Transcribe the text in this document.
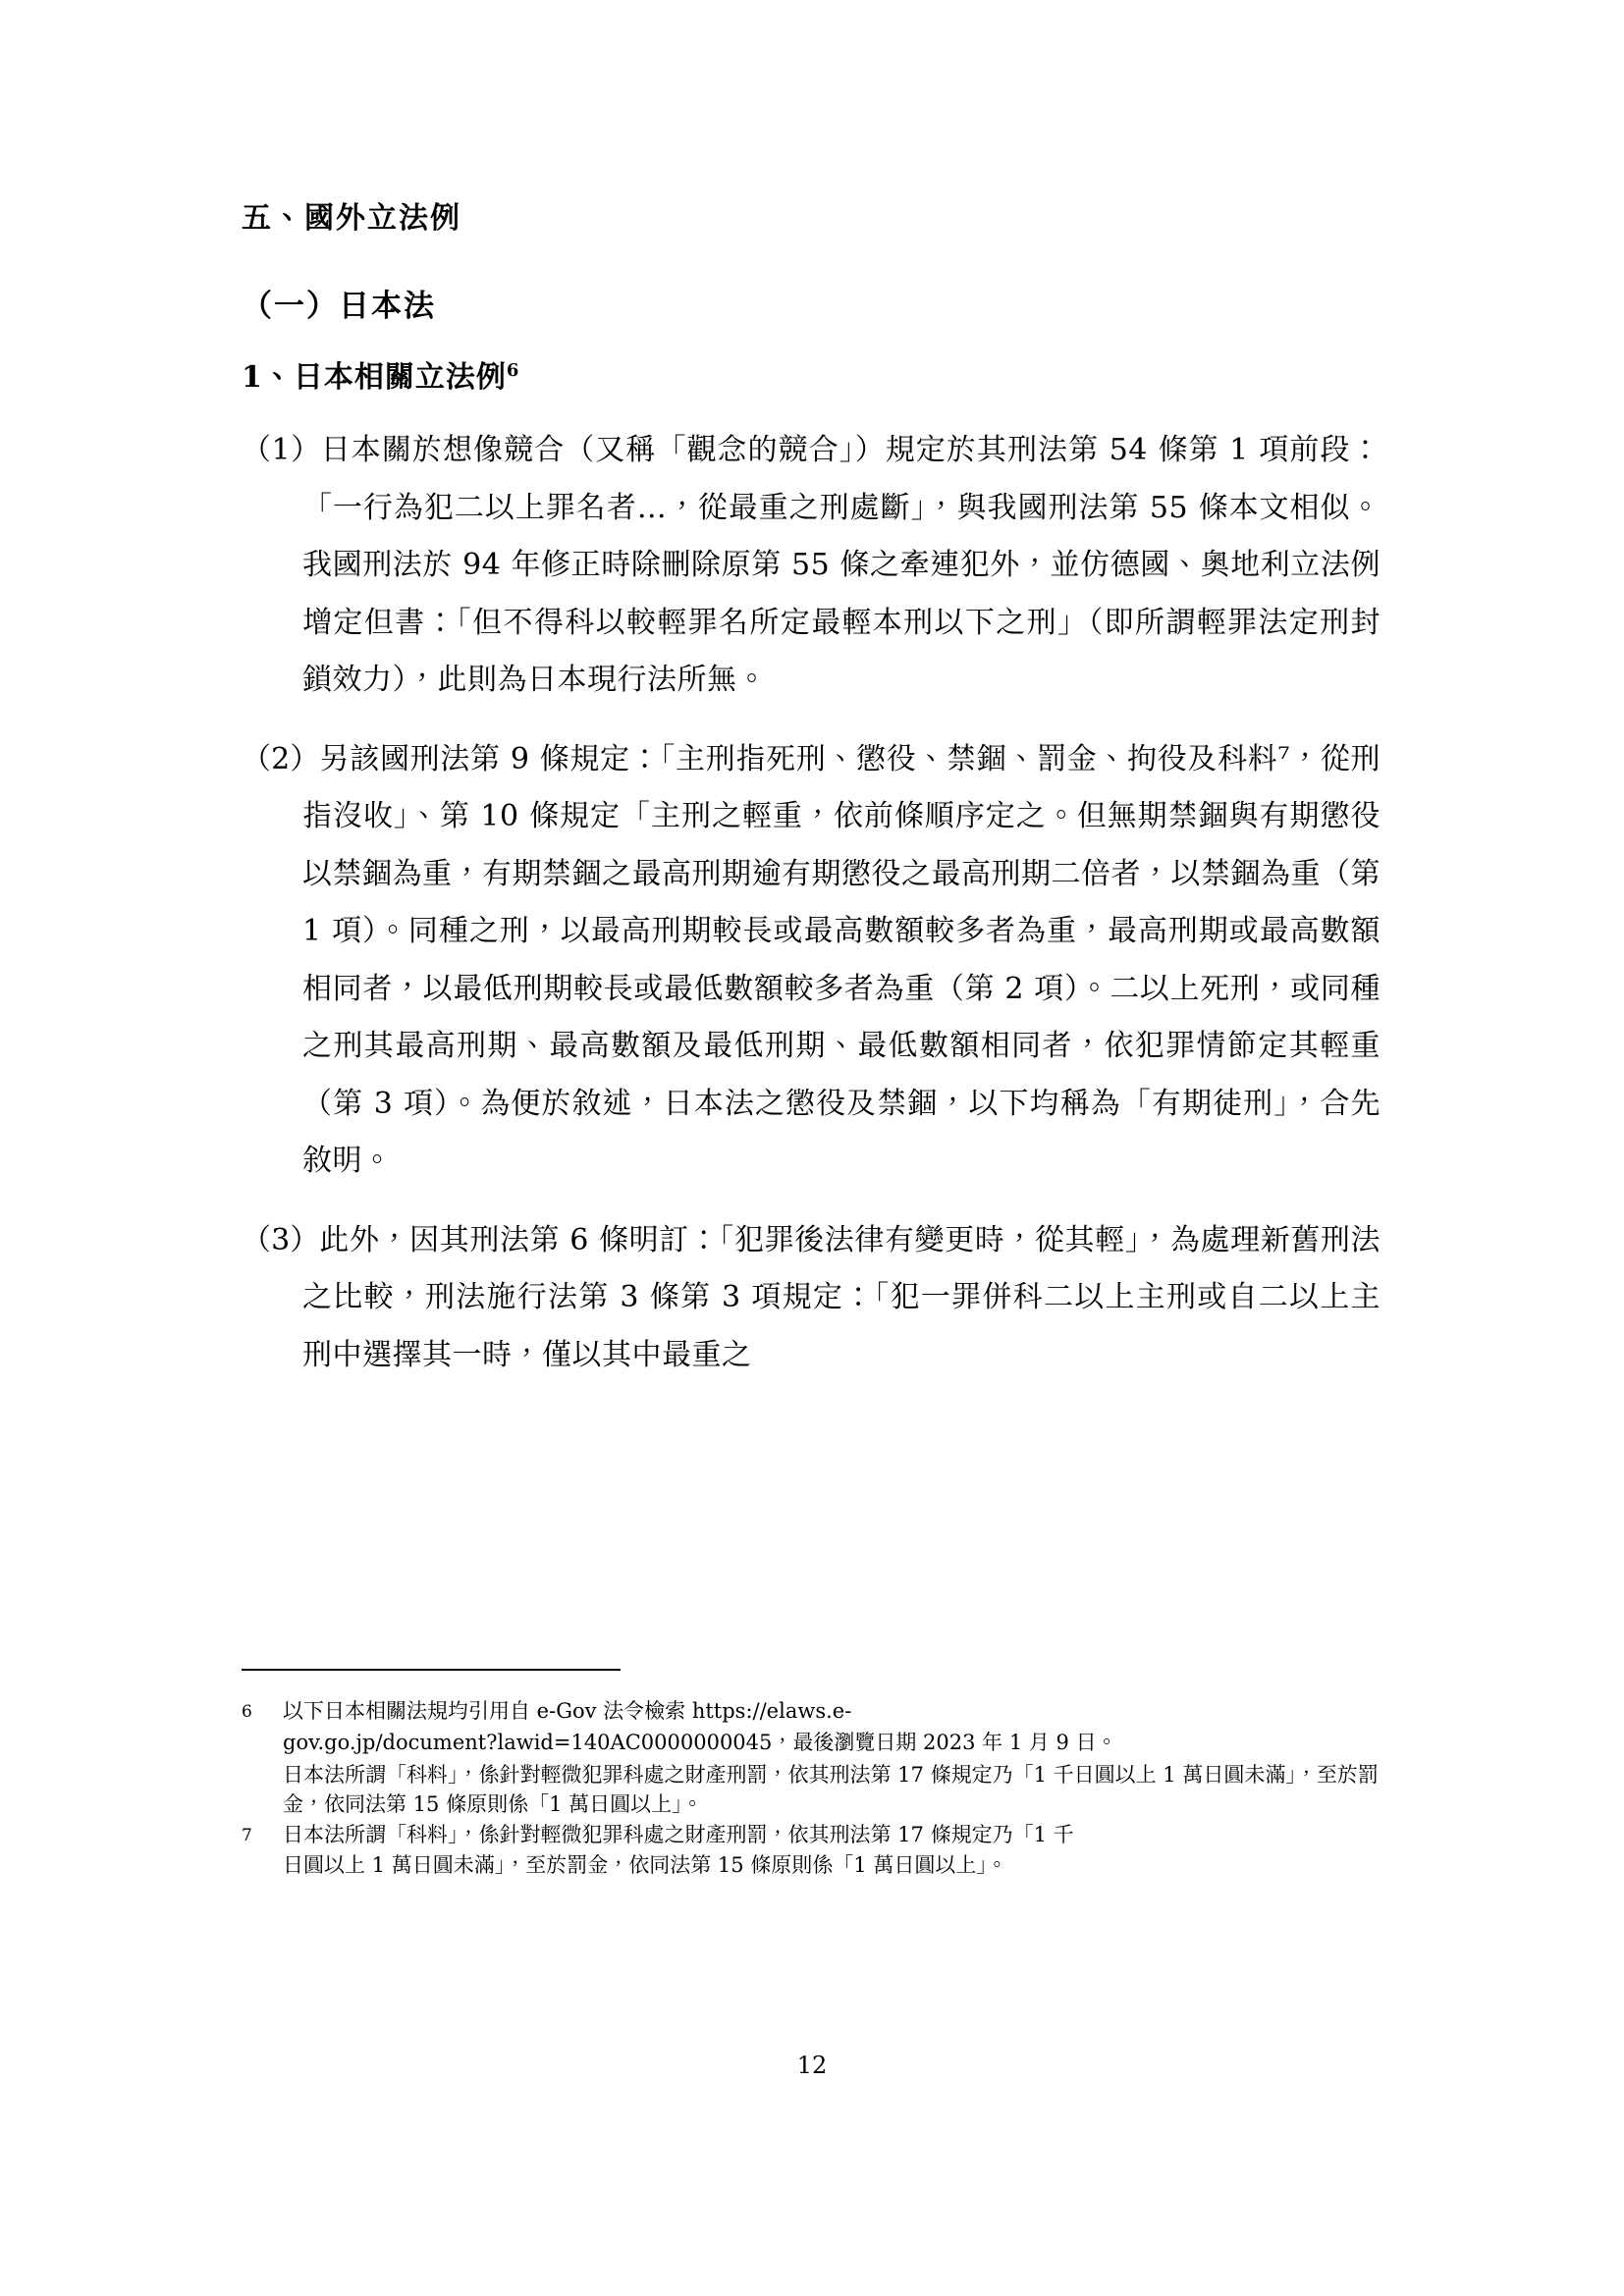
五、國外立法例
（一）日本法
1、日本相關立法例$^6$

（1）日本關於想像競合（又稱「觀念的競合」）規定於其刑法第 54 條第 1 項前段：「一行為犯二以上罪名者…，從最重之刑處斷」，與我國刑法第 55 條本文相似。我國刑法於 94 年修正時除刪除原第 55 條之牽連犯外，並仿德國、奧地利立法例增定但書：「但不得科以較輕罪名所定最輕本刑以下之刑」（即所謂輕罪法定刑封鎖效力），此則為日本現行法所無。

（2）另該國刑法第 9 條規定：「主刑指死刑、懲役、禁錮、罰金、拘役及科料⁷，從刑指沒收」、第 10 條規定「主刑之輕重，依前條順序定之。但無期禁錮與有期懲役以禁錮為重，有期禁錮之最高刑期逾有期懲役之最高刑期二倍者，以禁錮為重（第 1 項）。同種之刑，以最高刑期較長或最高數額較多者為重，最高刑期或最高數額相同者，以最低刑期較長或最低數額較多者為重（第 2 項）。二以上死刑，或同種之刑其最高刑期、最高數額及最低刑期、最低數額相同者，依犯罪情節定其輕重（第 3 項）。為便於敘述，日本法之懲役及禁錮，以下均稱為「有期徒刑」，合先敘明。

（3）此外，因其刑法第 6 條明訂：「犯罪後法律有變更時，從其輕」，為處理新舊刑法之比較，刑法施行法第 3 條第 3 項規定：「犯一罪併科二以上主刑或自二以上主刑中選擇其一時，僅以其中最重之

6	以下日本相關法規均引用自 e-Gov 法令檢索 https://elaws.e-
gov.go.jp/document?lawid=140AC0000000045，最後瀏覽日期 2023 年 1 月 9 日。
日本法所謂「科料」，係針對輕微犯罪科處之財產刑罰，依其刑法第 17 條規定乃「1 千日圓以上 1 萬日圓未滿」，至於罰金，依同法第 15 條原則係「1 萬日圓以上」。
7	日本法所謂「科料」，係針對輕微犯罪科處之財產刑罰，依其刑法第 17 條規定乃「1 千
日圓以上 1 萬日圓未滿」，至於罰金，依同法第 15 條原則係「1 萬日圓以上」。
12
